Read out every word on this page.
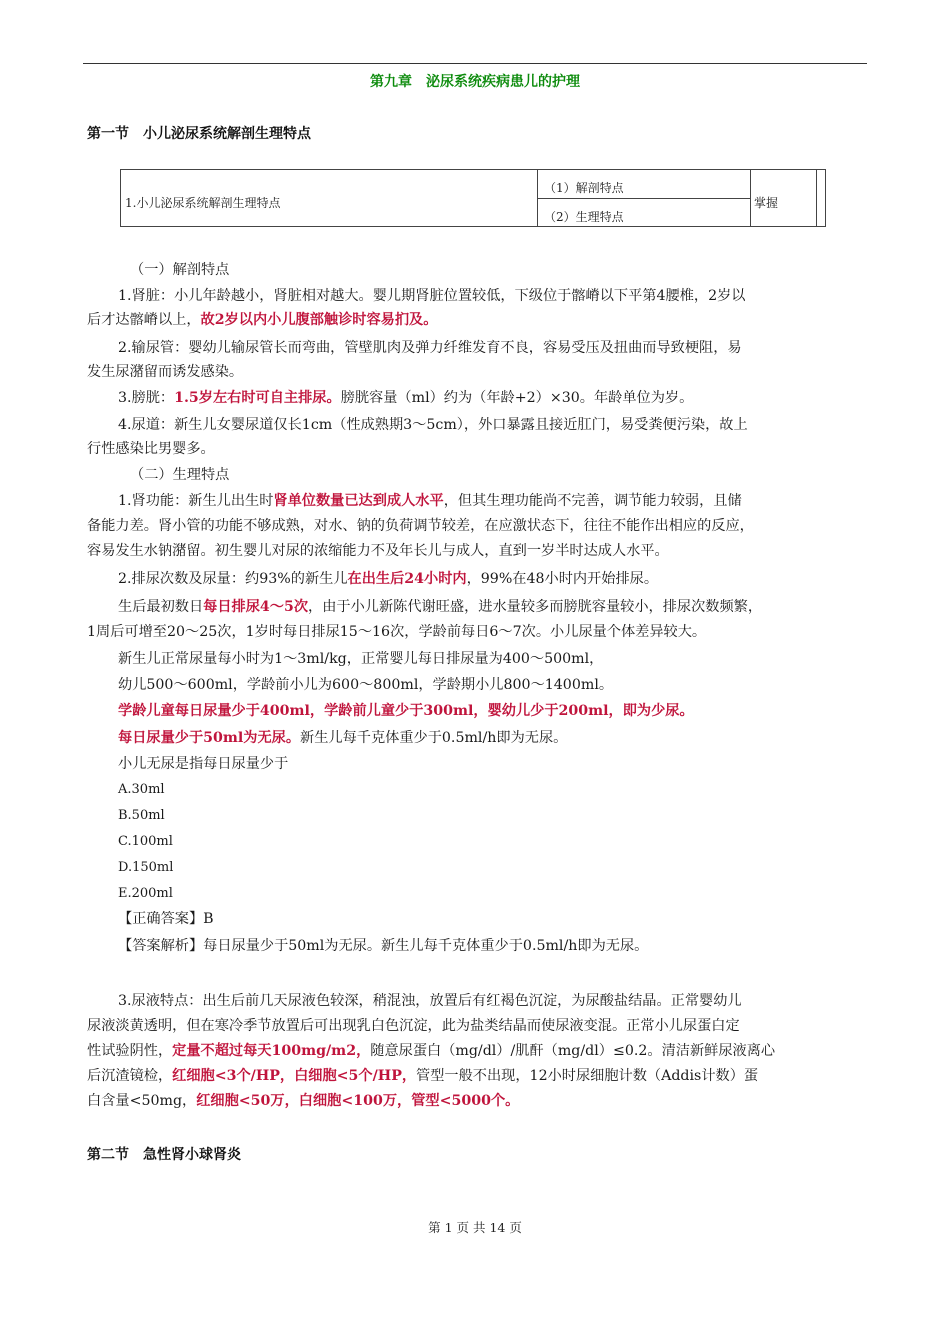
第九章　泌尿系统疾病患儿的护理
第一节　小儿泌尿系统解剖生理特点
1.小儿泌尿系统解剖生理特点
（1）解剖特点
（2）生理特点
掌握
（一）解剖特点
1.肾脏：小儿年龄越小，肾脏相对越大。婴儿期肾脏位置较低，下级位于髂嵴以下平第4腰椎，2岁以
后才达髂嵴以上，故2岁以内小儿腹部触诊时容易扪及。
2.输尿管：婴幼儿输尿管长而弯曲，管壁肌肉及弹力纤维发育不良，容易受压及扭曲而导致梗阻，易
发生尿潴留而诱发感染。
3.膀胱：1.5岁左右时可自主排尿。膀胱容量（ml）约为（年龄+2）×30。年龄单位为岁。
4.尿道：新生儿女婴尿道仅长1cm（性成熟期3～5cm），外口暴露且接近肛门，易受粪便污染，故上
行性感染比男婴多。
（二）生理特点
1.肾功能：新生儿出生时肾单位数量已达到成人水平，但其生理功能尚不完善，调节能力较弱，且储
备能力差。肾小管的功能不够成熟，对水、钠的负荷调节较差，在应激状态下，往往不能作出相应的反应，
容易发生水钠潴留。初生婴儿对尿的浓缩能力不及年长儿与成人，直到一岁半时达成人水平。
2.排尿次数及尿量：约93%的新生儿在出生后24小时内，99%在48小时内开始排尿。
生后最初数日每日排尿4～5次，由于小儿新陈代谢旺盛，进水量较多而膀胱容量较小，排尿次数频繁，
1周后可增至20～25次，1岁时每日排尿15～16次，学龄前每日6～7次。小儿尿量个体差异较大。
新生儿正常尿量每小时为1～3ml/kg，正常婴儿每日排尿量为400～500ml，
幼儿500～600ml，学龄前小儿为600～800ml，学龄期小儿800～1400ml。
学龄儿童每日尿量少于400ml，学龄前儿童少于300ml，婴幼儿少于200ml，即为少尿。
每日尿量少于50ml为无尿。新生儿每千克体重少于0.5ml/h即为无尿。
小儿无尿是指每日尿量少于
A.30ml
B.50ml
C.100ml
D.150ml
E.200ml
【正确答案】B
【答案解析】每日尿量少于50ml为无尿。新生儿每千克体重少于0.5ml/h即为无尿。
3.尿液特点：出生后前几天尿液色较深，稍混浊，放置后有红褐色沉淀，为尿酸盐结晶。正常婴幼儿
尿液淡黄透明，但在寒冷季节放置后可出现乳白色沉淀，此为盐类结晶而使尿液变混。正常小儿尿蛋白定
性试验阴性，定量不超过每天100mg/m2，随意尿蛋白（mg/dl）/肌酐（mg/dl）≤0.2。清洁新鲜尿液离心
后沉渣镜检，红细胞<3个/HP，白细胞<5个/HP，管型一般不出现，12小时尿细胞计数（Addis计数）蛋
白含量<50mg，红细胞<50万，白细胞<100万，管型<5000个。
第二节　急性肾小球肾炎
第 1 页 共 14 页
